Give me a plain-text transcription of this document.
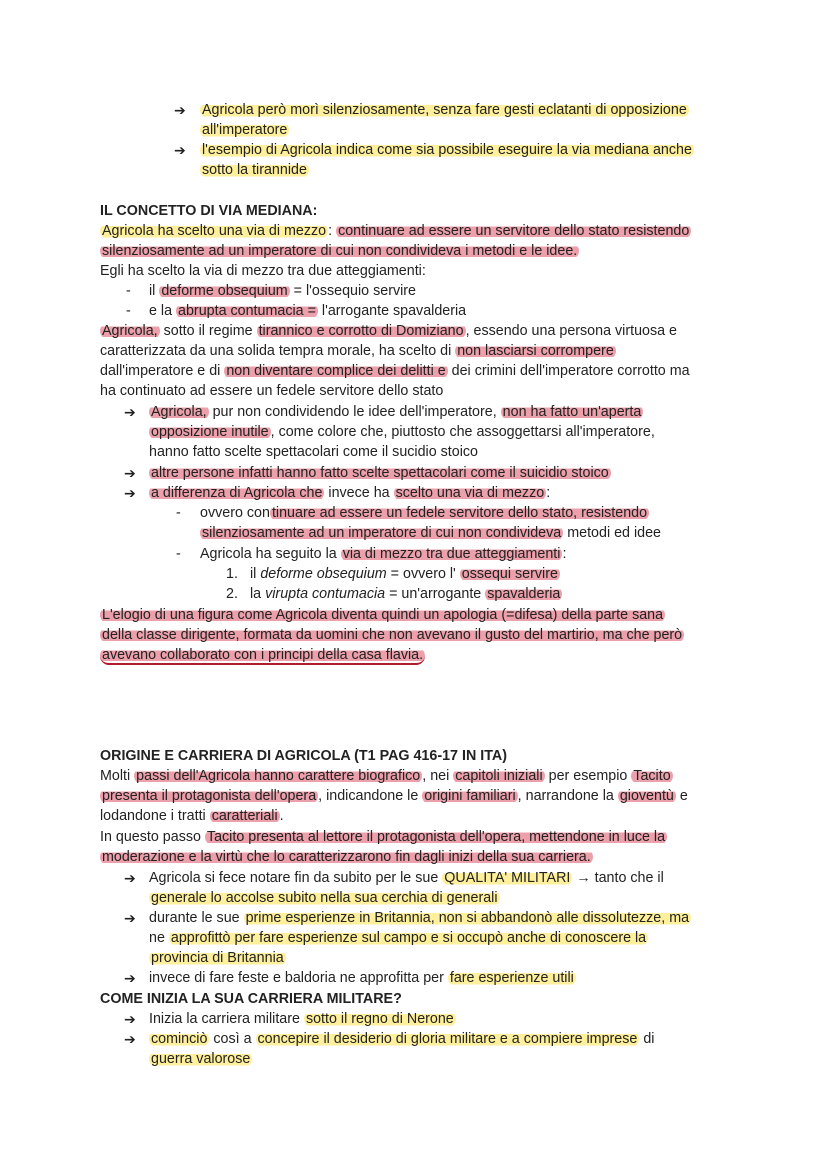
➔ Agricola però morì silenziosamente, senza fare gesti eclatanti di opposizione
all'imperatore
➔ l'esempio di Agricola indica come sia possibile eseguire la via mediana anche
sotto la tirannide
IL CONCETTO DI VIA MEDIANA:
Agricola ha scelto una via di mezzo : continuare ad essere un servitore dello stato resistendo
silenziosamente ad un imperatore di cui non condivideva i metodi e le idee.
Egli ha scelto la via di mezzo tra due atteggiamenti:
- il deforme obsequium = l'ossequio servire
- e la abrupta contumacia = l'arrogante spavalderia
Agricola, sotto il regime tirannico e corrotto di Domiziano , essendo una persona virtuosa e
caratterizzata da una solida tempra morale, ha scelto di non lasciarsi corrompere
dall'imperatore e di non diventare complice dei delitti e dei crimini dell'imperatore corrotto ma
ha continuato ad essere un fedele servitore dello stato
➔ Agricola, pur non condividendo le idee dell'imperatore, non ha fatto un'aperta
opposizione inutile , come colore che, piuttosto che assoggettarsi all'imperatore,
hanno fatto scelte spettacolari come il sucidio stoico
➔ altre persone infatti hanno fatto scelte spettacolari come il suicidio stoico
➔ a differenza di Agricola che invece ha scelto una via di mezzo :
- ovvero con tinuare ad essere un fedele servitore dello stato, resistendo
silenziosamente ad un imperatore di cui non condivideva metodi ed idee
- Agricola ha seguito la via di mezzo tra due atteggiamenti :
1. il deforme obsequium = ovvero l' ossequi servire
2. la virupta contumacia = un'arrogante spavalderia
L'elogio di una figura come Agricola diventa quindi un apologia (=difesa) della parte sana
della classe dirigente, formata da uomini che non avevano il gusto del martirio, ma che però
avevano collaborato con i principi della casa flavia.
ORIGINE E CARRIERA DI AGRICOLA (T1 PAG 416-17 IN ITA)
Molti passi dell'Agricola hanno carattere biografico , nei capitoli iniziali per esempio Tacito
presenta il protagonista dell'opera , indicandone le origini familiari , narrandone la gioventù e
lodandone i tratti caratteriali .
In questo passo Tacito presenta al lettore il protagonista dell'opera, mettendone in luce la
moderazione e la virtù che lo caratterizzarono fin dagli inizi della sua carriera.
➔ Agricola si fece notare fin da subito per le sue QUALITA' MILITARI → tanto che il
generale lo accolse subito nella sua cerchia di generali
➔ durante le sue prime esperienze in Britannia, non si abbandonò alle dissolutezze, ma
ne approfittò per fare esperienze sul campo e si occupò anche di conoscere la
provincia di Britannia
➔ invece di fare feste e baldoria ne approfitta per fare esperienze utili
COME INIZIA LA SUA CARRIERA MILITARE?
➔ Inizia la carriera militare sotto il regno di Nerone
➔ cominciò così a concepire il desiderio di gloria militare e a compiere imprese di
guerra valorose
